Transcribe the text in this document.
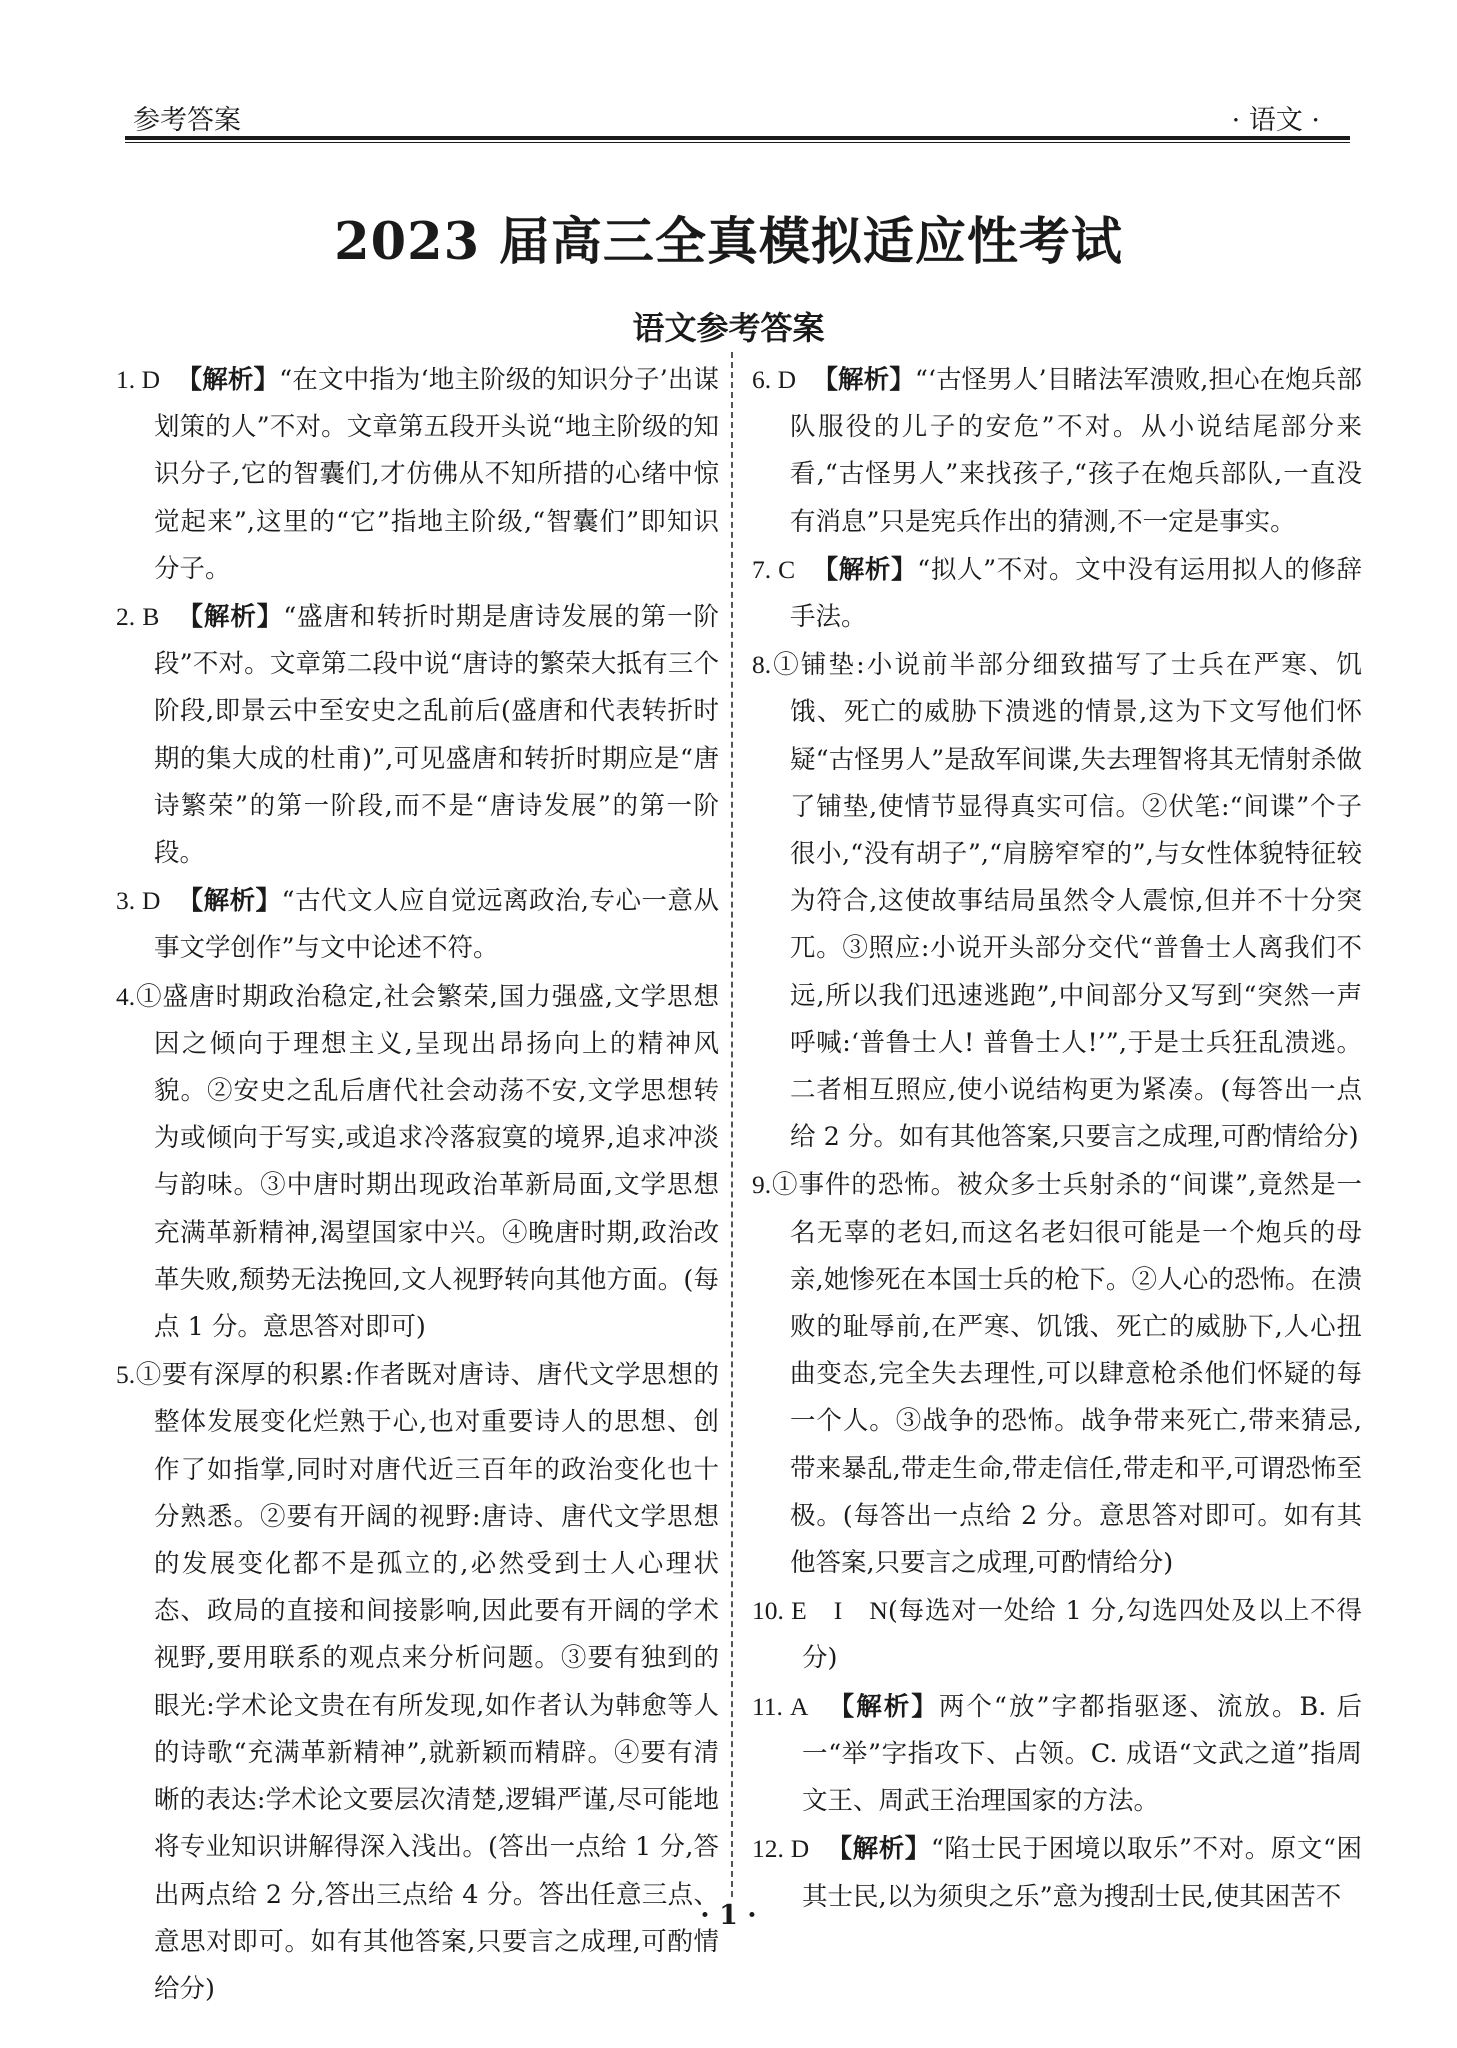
参考答案	· 语文 ·
2023 届高三全真模拟适应性考试
语文参考答案

1. D 【解析】“在文中指为‘地主阶级的知识分子’出谋划策的人”不对。文章第五段开头说“地主阶级的知识分子,它的智囊们,才仿佛从不知所措的心绪中惊觉起来”,这里的“它”指地主阶级,“智囊们”即知识分子。

2. B 【解析】“盛唐和转折时期是唐诗发展的第一阶段”不对。文章第二段中说“唐诗的繁荣大抵有三个阶段,即景云中至安史之乱前后(盛唐和代表转折时期的集大成的杜甫)”,可见盛唐和转折时期应是“唐诗繁荣”的第一阶段,而不是“唐诗发展”的第一阶段。

3. D 【解析】“古代文人应自觉远离政治,专心一意从事文学创作”与文中论述不符。

4.①盛唐时期政治稳定,社会繁荣,国力强盛,文学思想因之倾向于理想主义,呈现出昂扬向上的精神风貌。②安史之乱后唐代社会动荡不安,文学思想转为或倾向于写实,或追求冷落寂寞的境界,追求冲淡与韵味。③中唐时期出现政治革新局面,文学思想充满革新精神,渴望国家中兴。④晚唐时期,政治改革失败,颓势无法挽回,文人视野转向其他方面。(每点 1 分。意思答对即可)

5.①要有深厚的积累:作者既对唐诗、唐代文学思想的整体发展变化烂熟于心,也对重要诗人的思想、创作了如指掌,同时对唐代近三百年的政治变化也十分熟悉。②要有开阔的视野:唐诗、唐代文学思想的发展变化都不是孤立的,必然受到士人心理状态、政局的直接和间接影响,因此要有开阔的学术视野,要用联系的观点来分析问题。③要有独到的眼光:学术论文贵在有所发现,如作者认为韩愈等人的诗歌“充满革新精神”,就新颖而精辟。④要有清晰的表达:学术论文要层次清楚,逻辑严谨,尽可能地将专业知识讲解得深入浅出。(答出一点给 1 分,答出两点给 2 分,答出三点给 4 分。答出任意三点、意思对即可。如有其他答案,只要言之成理,可酌情给分)

6. D 【解析】“‘古怪男人’目睹法军溃败,担心在炮兵部队服役的儿子的安危”不对。从小说结尾部分来看,“古怪男人”来找孩子,“孩子在炮兵部队,一直没有消息”只是宪兵作出的猜测,不一定是事实。

7. C 【解析】“拟人”不对。文中没有运用拟人的修辞手法。

8.①铺垫:小说前半部分细致描写了士兵在严寒、饥饿、死亡的威胁下溃逃的情景,这为下文写他们怀疑“古怪男人”是敌军间谍,失去理智将其无情射杀做了铺垫,使情节显得真实可信。②伏笔:“间谍”个子很小,“没有胡子”,“肩膀窄窄的”,与女性体貌特征较为符合,这使故事结局虽然令人震惊,但并不十分突兀。③照应:小说开头部分交代“普鲁士人离我们不远,所以我们迅速逃跑”,中间部分又写到“突然一声呼喊:‘普鲁士人! 普鲁士人!’”,于是士兵狂乱溃逃。二者相互照应,使小说结构更为紧凑。(每答出一点给 2 分。如有其他答案,只要言之成理,可酌情给分)

9.①事件的恐怖。被众多士兵射杀的“间谍”,竟然是一名无辜的老妇,而这名老妇很可能是一个炮兵的母亲,她惨死在本国士兵的枪下。②人心的恐怖。在溃败的耻辱前,在严寒、饥饿、死亡的威胁下,人心扭曲变态,完全失去理性,可以肆意枪杀他们怀疑的每一个人。③战争的恐怖。战争带来死亡,带来猜忌,带来暴乱,带走生命,带走信任,带走和平,可谓恐怖至极。(每答出一点给 2 分。意思答对即可。如有其他答案,只要言之成理,可酌情给分)

10. E　I　N(每选对一处给 1 分,勾选四处及以上不得分)

11. A 【解析】两个“放”字都指驱逐、流放。B. 后一“举”字指攻下、占领。C. 成语“文武之道”指周文王、周武王治理国家的方法。

12. D 【解析】“陷士民于困境以取乐”不对。原文“困其士民,以为须臾之乐”意为搜刮士民,使其困苦不

· 1 ·
